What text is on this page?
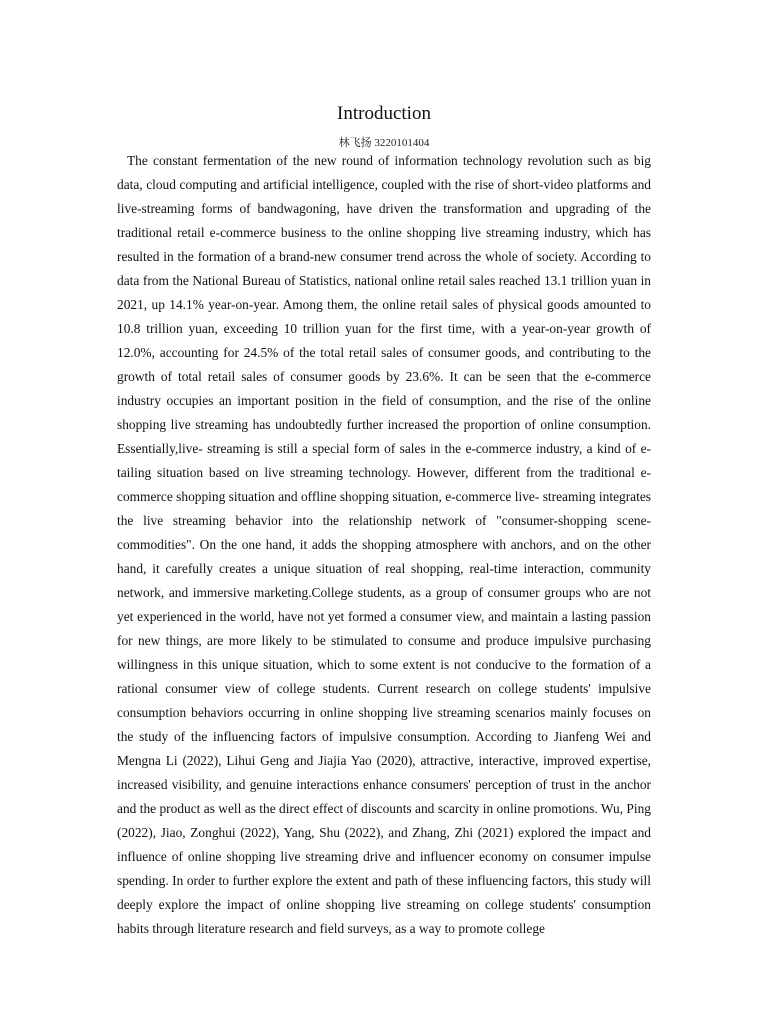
Introduction
林飞扬 3220101404

The constant fermentation of the new round of information technology revolution such as big data, cloud computing and artificial intelligence, coupled with the rise of short-video platforms and live-streaming forms of bandwagoning, have driven the transformation and upgrading of the traditional retail e-commerce business to the online shopping live streaming industry, which has resulted in the formation of a brand-new consumer trend across the whole of society. According to data from the National Bureau of Statistics, national online retail sales reached 13.1 trillion yuan in 2021, up 14.1% year-on-year. Among them, the online retail sales of physical goods amounted to 10.8 trillion yuan, exceeding 10 trillion yuan for the first time, with a year-on-year growth of 12.0%, accounting for 24.5% of the total retail sales of consumer goods, and contributing to the growth of total retail sales of consumer goods by 23.6%. It can be seen that the e-commerce industry occupies an important position in the field of consumption, and the rise of the online shopping live streaming has undoubtedly further increased the proportion of online consumption. Essentially,live- streaming is still a special form of sales in the e-commerce industry, a kind of e-tailing situation based on live streaming technology. However, different from the traditional e-commerce shopping situation and offline shopping situation, e-commerce live- streaming integrates the live streaming behavior into the relationship network of "consumer-shopping scene-commodities". On the one hand, it adds the shopping atmosphere with anchors, and on the other hand, it carefully creates a unique situation of real shopping, real-time interaction, community network, and immersive marketing.College students, as a group of consumer groups who are not yet experienced in the world, have not yet formed a consumer view, and maintain a lasting passion for new things, are more likely to be stimulated to consume and produce impulsive purchasing willingness in this unique situation, which to some extent is not conducive to the formation of a rational consumer view of college students. Current research on college students' impulsive consumption behaviors occurring in online shopping live streaming scenarios mainly focuses on the study of the influencing factors of impulsive consumption. According to Jianfeng Wei and Mengna Li (2022), Lihui Geng and Jiajia Yao (2020), attractive, interactive, improved expertise, increased visibility, and genuine interactions enhance consumers' perception of trust in the anchor and the product as well as the direct effect of discounts and scarcity in online promotions. Wu, Ping (2022), Jiao, Zonghui (2022), Yang, Shu (2022), and Zhang, Zhi (2021) explored the impact and influence of online shopping live streaming drive and influencer economy on consumer impulse spending. In order to further explore the extent and path of these influencing factors, this study will deeply explore the impact of online shopping live streaming on college students' consumption habits through literature research and field surveys, as a way to promote college
